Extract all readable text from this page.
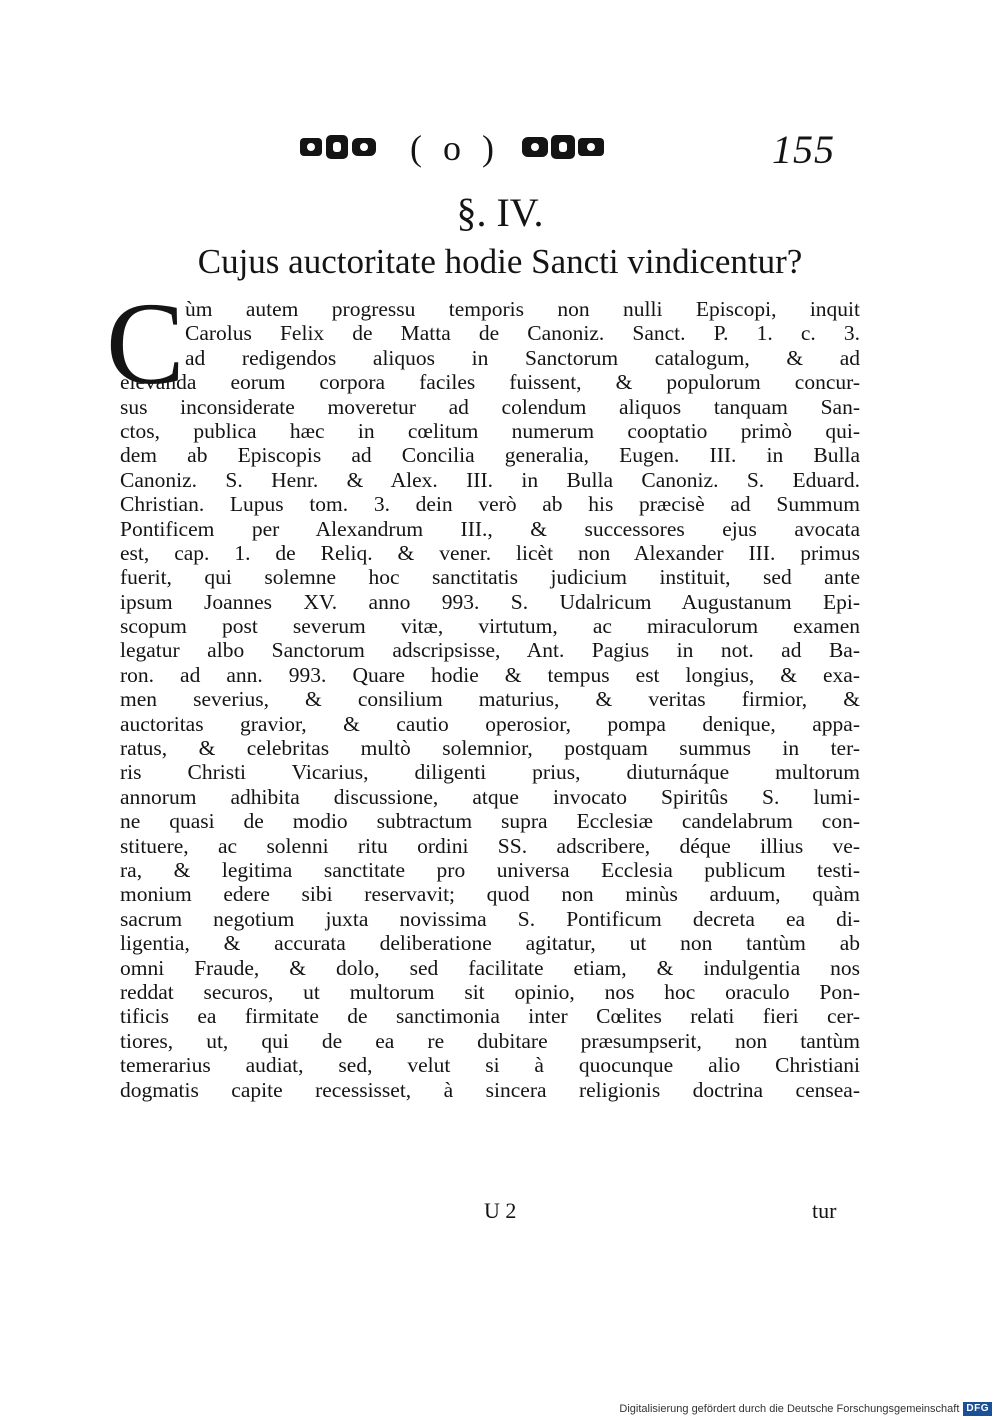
( o )	155
§. IV.
Cujus auctoritate hodie Sancti vindicentur?
C ùm autem progressu temporis non nulli Episcopi, inquit
Carolus Felix de Matta de Canoniz. Sanct. P. 1. c. 3.
ad redigendos aliquos in Sanctorum catalogum, & ad
elevanda eorum corpora faciles fuissent, & populorum concur-
sus inconsiderate moveretur ad colendum aliquos tanquam San-
ctos, publica hæc in cœlitum numerum cooptatio primò qui-
dem ab Episcopis ad Concilia generalia, Eugen. III. in Bulla
Canoniz. S. Henr. & Alex. III. in Bulla Canoniz. S. Eduard.
Christian. Lupus tom. 3. dein verò ab his præcisè ad Summum
Pontificem per Alexandrum III., & successores ejus avocata
est, cap. 1. de Reliq. & vener. licèt non Alexander III. primus
fuerit, qui solemne hoc sanctitatis judicium instituit, sed ante
ipsum Joannes XV. anno 993. S. Udalricum Augustanum Epi-
scopum post severum vitæ, virtutum, ac miraculorum examen
legatur albo Sanctorum adscripsisse, Ant. Pagius in not. ad Ba-
ron. ad ann. 993. Quare hodie & tempus est longius, & exa-
men severius, & consilium maturius, & veritas firmior, &
auctoritas gravior, & cautio operosior, pompa denique, appa-
ratus, & celebritas multò solemnior, postquam summus in ter-
ris Christi Vicarius, diligenti prius, diuturnáque multorum
annorum adhibita discussione, atque invocato Spiritûs S. lumi-
ne quasi de modio subtractum supra Ecclesiæ candelabrum con-
stituere, ac solenni ritu ordini SS. adscribere, déque illius ve-
ra, & legitima sanctitate pro universa Ecclesia publicum testi-
monium edere sibi reservavit; quod non minùs arduum, quàm
sacrum negotium juxta novissima S. Pontificum decreta ea di-
ligentia, & accurata deliberatione agitatur, ut non tantùm ab
omni Fraude, & dolo, sed facilitate etiam, & indulgentia nos
reddat securos, ut multorum sit opinio, nos hoc oraculo Pon-
tificis ea firmitate de sanctimonia inter Cœlites relati fieri cer-
tiores, ut, qui de ea re dubitare præsumpserit, non tantùm
temerarius audiat, sed, velut si à quocunque alio Christiani
dogmatis capite recessisset, à sincera religionis doctrina censea-
U 2	tur
Digitalisierung gefördert durch die Deutsche Forschungsgemeinschaft DFG
